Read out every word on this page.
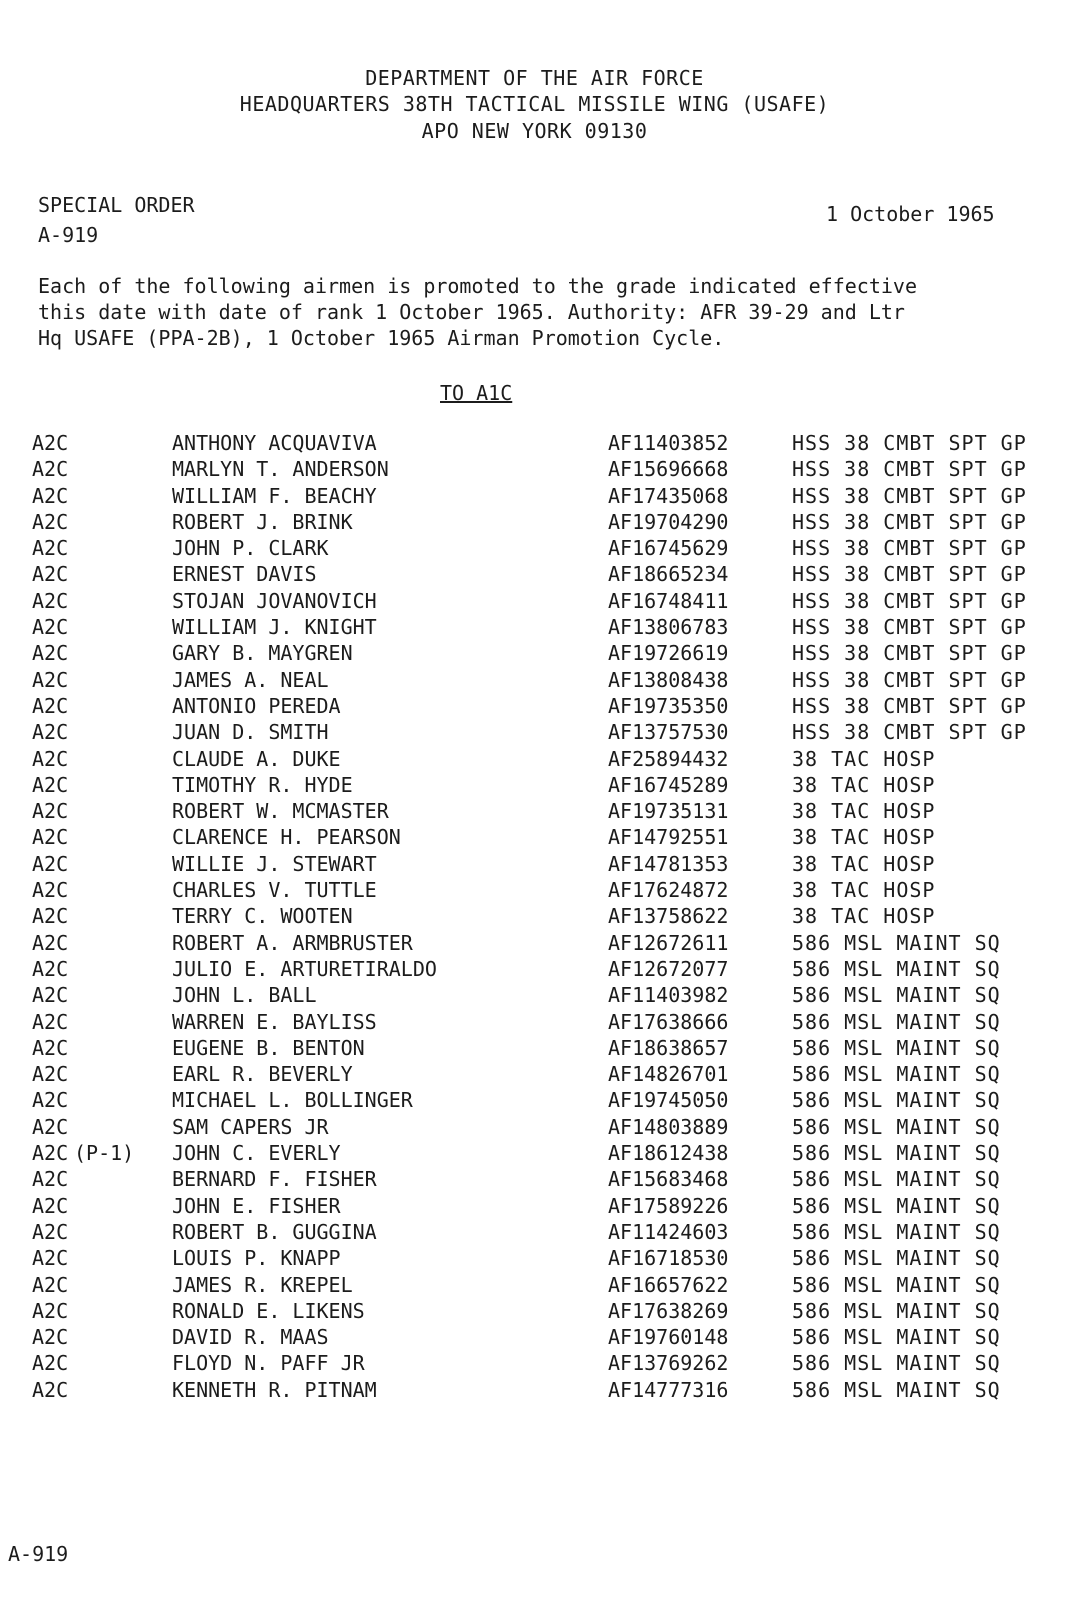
DEPARTMENT OF THE AIR FORCE
HEADQUARTERS 38TH TACTICAL MISSILE WING (USAFE)
APO NEW YORK 09130
SPECIAL ORDER
A-919
1 October 1965
Each of the following airmen is promoted to the grade indicated effective
this date with date of rank 1 October 1965. Authority: AFR 39-29 and Ltr
Hq USAFE (PPA-2B), 1 October 1965 Airman Promotion Cycle.
TO A1C
A2C	ANTHONY ACQUAVIVA	AF11403852	HSS 38 CMBT SPT GP
A2C	MARLYN T. ANDERSON	AF15696668	HSS 38 CMBT SPT GP
A2C	WILLIAM F. BEACHY	AF17435068	HSS 38 CMBT SPT GP
A2C	ROBERT J. BRINK	AF19704290	HSS 38 CMBT SPT GP
A2C	JOHN P. CLARK	AF16745629	HSS 38 CMBT SPT GP
A2C	ERNEST DAVIS	AF18665234	HSS 38 CMBT SPT GP
A2C	STOJAN JOVANOVICH	AF16748411	HSS 38 CMBT SPT GP
A2C	WILLIAM J. KNIGHT	AF13806783	HSS 38 CMBT SPT GP
A2C	GARY B. MAYGREN	AF19726619	HSS 38 CMBT SPT GP
A2C	JAMES A. NEAL	AF13808438	HSS 38 CMBT SPT GP
A2C	ANTONIO PEREDA	AF19735350	HSS 38 CMBT SPT GP
A2C	JUAN D. SMITH	AF13757530	HSS 38 CMBT SPT GP
A2C	CLAUDE A. DUKE	AF25894432	38 TAC HOSP
A2C	TIMOTHY R. HYDE	AF16745289	38 TAC HOSP
A2C	ROBERT W. MCMASTER	AF19735131	38 TAC HOSP
A2C	CLARENCE H. PEARSON	AF14792551	38 TAC HOSP
A2C	WILLIE J. STEWART	AF14781353	38 TAC HOSP
A2C	CHARLES V. TUTTLE	AF17624872	38 TAC HOSP
A2C	TERRY C. WOOTEN	AF13758622	38 TAC HOSP
A2C	ROBERT A. ARMBRUSTER	AF12672611	586 MSL MAINT SQ
A2C	JULIO E. ARTURETIRALDO	AF12672077	586 MSL MAINT SQ
A2C	JOHN L. BALL	AF11403982	586 MSL MAINT SQ
A2C	WARREN E. BAYLISS	AF17638666	586 MSL MAINT SQ
A2C	EUGENE B. BENTON	AF18638657	586 MSL MAINT SQ
A2C	EARL R. BEVERLY	AF14826701	586 MSL MAINT SQ
A2C	MICHAEL L. BOLLINGER	AF19745050	586 MSL MAINT SQ
A2C	SAM CAPERS JR	AF14803889	586 MSL MAINT SQ
A2C (P-1) JOHN C. EVERLY	AF18612438	586 MSL MAINT SQ
A2C	BERNARD F. FISHER	AF15683468	586 MSL MAINT SQ
A2C	JOHN E. FISHER	AF17589226	586 MSL MAINT SQ
A2C	ROBERT B. GUGGINA	AF11424603	586 MSL MAINT SQ
A2C	LOUIS P. KNAPP	AF16718530	586 MSL MAINT SQ
A2C	JAMES R. KREPEL	AF16657622	586 MSL MAINT SQ
A2C	RONALD E. LIKENS	AF17638269	586 MSL MAINT SQ
A2C	DAVID R. MAAS	AF19760148	586 MSL MAINT SQ
A2C	FLOYD N. PAFF JR	AF13769262	586 MSL MAINT SQ
A2C	KENNETH R. PITNAM	AF14777316	586 MSL MAINT SQ
A-919
